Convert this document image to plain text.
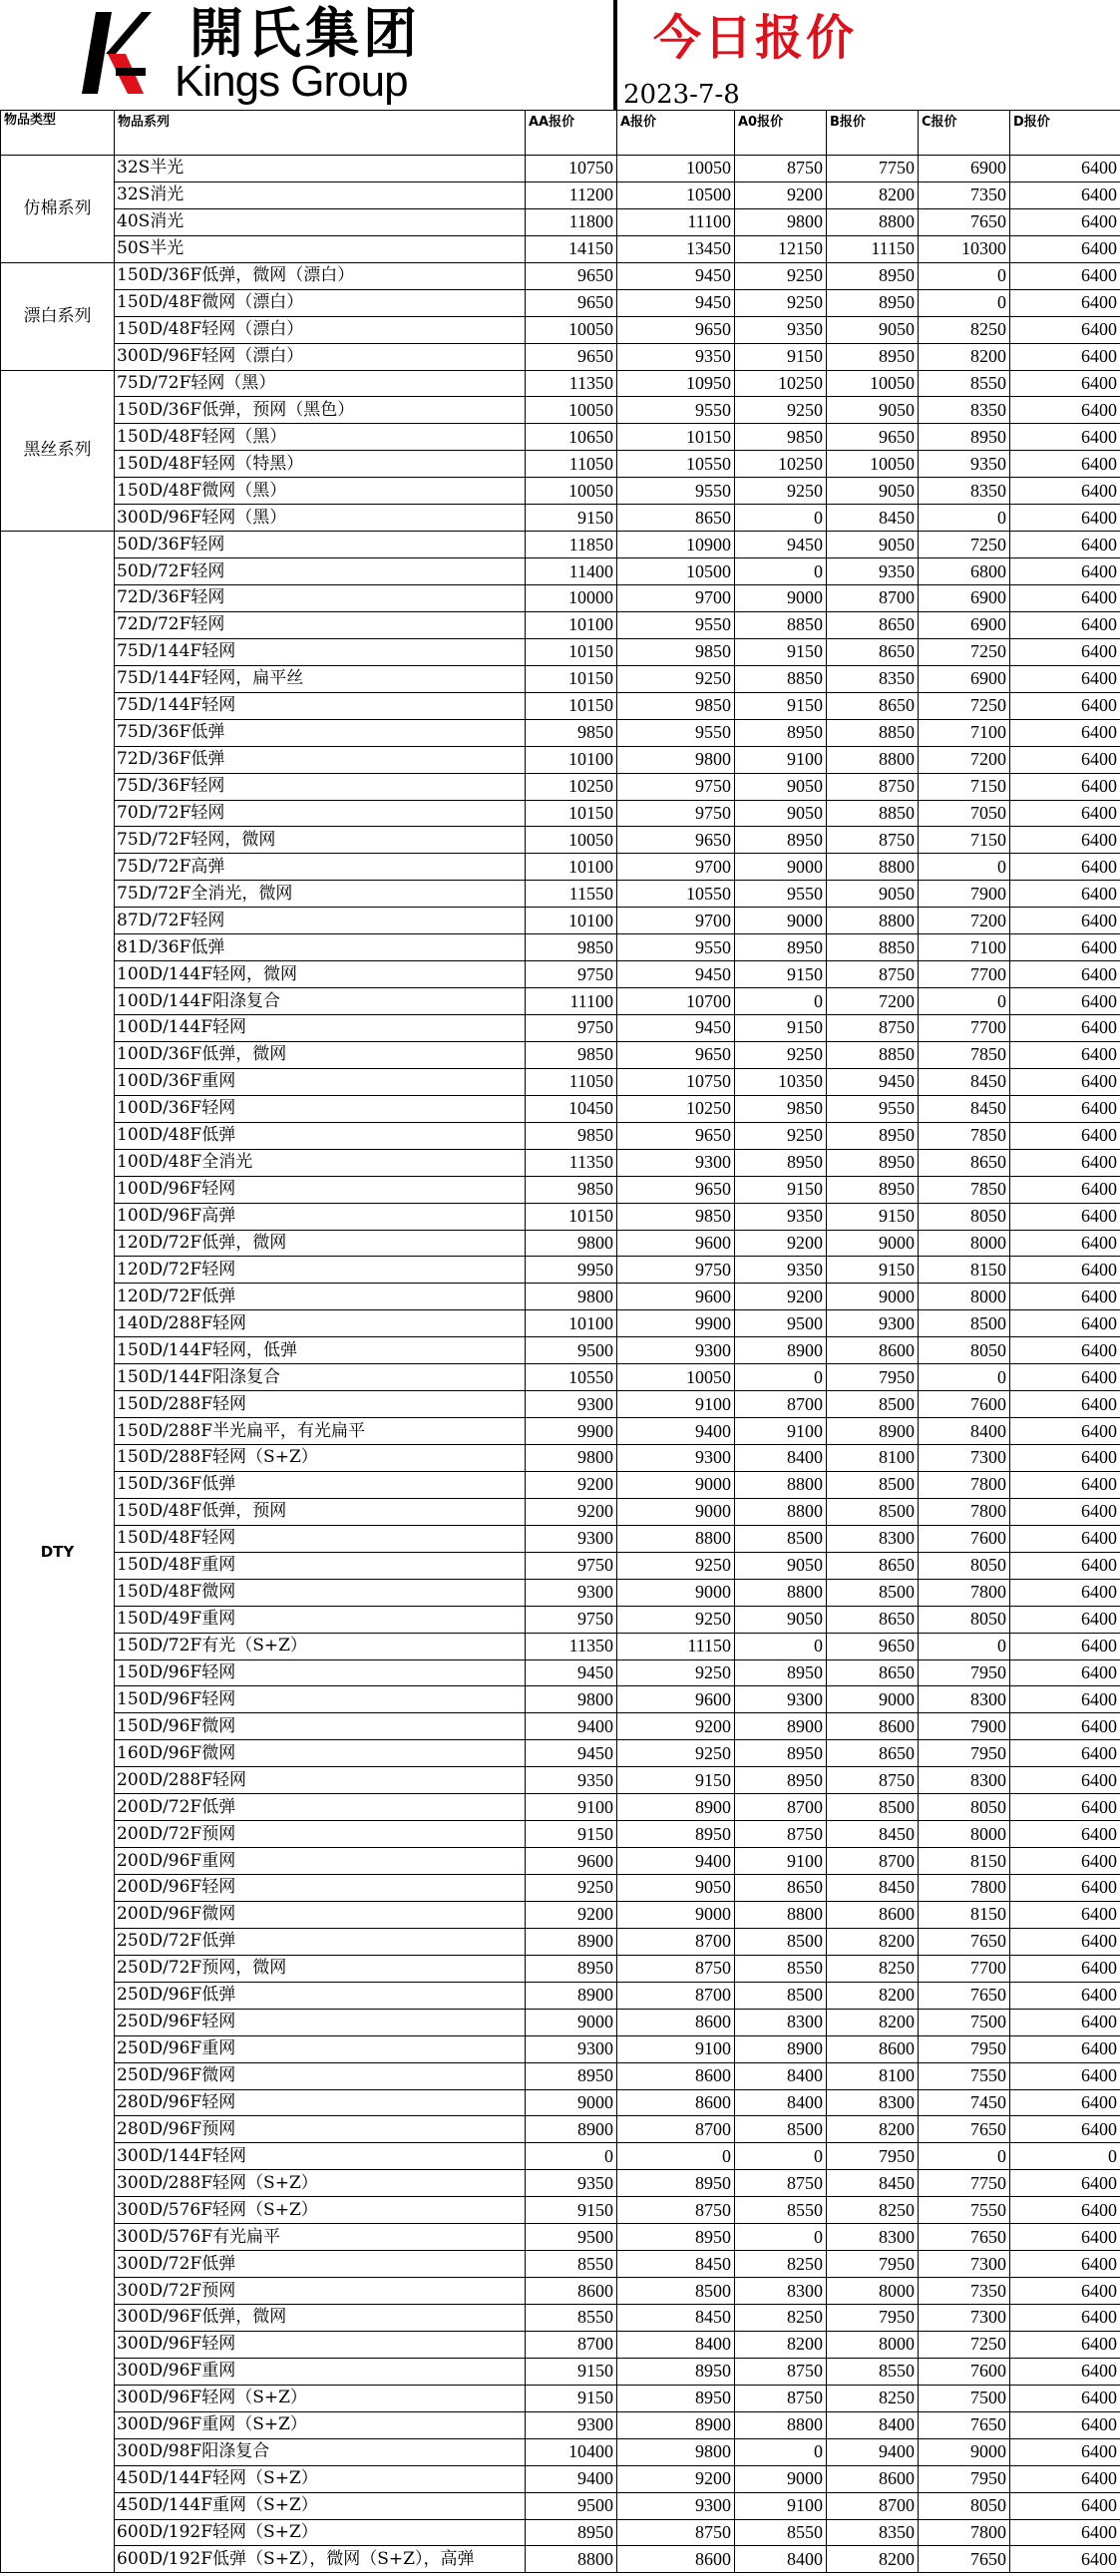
開氏集团
Kings Group
今日报价
2023-7-8
物品类型	物品系列	AA报价	A报价	A0报价	B报价	C报价	D报价
仿棉系列	32S半光	10750	10050	8750	7750	6900	6400
	32S消光	11200	10500	9200	8200	7350	6400
	40S消光	11800	11100	9800	8800	7650	6400
	50S半光	14150	13450	12150	11150	10300	6400
漂白系列	150D/36F低弹，微网（漂白）	9650	9450	9250	8950	0	6400
	150D/48F微网（漂白）	9650	9450	9250	8950	0	6400
	150D/48F轻网（漂白）	10050	9650	9350	9050	8250	6400
	300D/96F轻网（漂白）	9650	9350	9150	8950	8200	6400
黑丝系列	75D/72F轻网（黑）	11350	10950	10250	10050	8550	6400
	150D/36F低弹，预网（黑色）	10050	9550	9250	9050	8350	6400
	150D/48F轻网（黑）	10650	10150	9850	9650	8950	6400
	150D/48F轻网（特黑）	11050	10550	10250	10050	9350	6400
	150D/48F微网（黑）	10050	9550	9250	9050	8350	6400
	300D/96F轻网（黑）	9150	8650	0	8450	0	6400
DTY	50D/36F轻网	11850	10900	9450	9050	7250	6400
	50D/72F轻网	11400	10500	0	9350	6800	6400
	72D/36F轻网	10000	9700	9000	8700	6900	6400
	72D/72F轻网	10100	9550	8850	8650	6900	6400
	75D/144F轻网	10150	9850	9150	8650	7250	6400
	75D/144F轻网，扁平丝	10150	9250	8850	8350	6900	6400
	75D/144F轻网	10150	9850	9150	8650	7250	6400
	75D/36F低弹	9850	9550	8950	8850	7100	6400
	72D/36F低弹	10100	9800	9100	8800	7200	6400
	75D/36F轻网	10250	9750	9050	8750	7150	6400
	70D/72F轻网	10150	9750	9050	8850	7050	6400
	75D/72F轻网，微网	10050	9650	8950	8750	7150	6400
	75D/72F高弹	10100	9700	9000	8800	0	6400
	75D/72F全消光，微网	11550	10550	9550	9050	7900	6400
	87D/72F轻网	10100	9700	9000	8800	7200	6400
	81D/36F低弹	9850	9550	8950	8850	7100	6400
	100D/144F轻网，微网	9750	9450	9150	8750	7700	6400
	100D/144F阳涤复合	11100	10700	0	7200	0	6400
	100D/144F轻网	9750	9450	9150	8750	7700	6400
	100D/36F低弹，微网	9850	9650	9250	8850	7850	6400
	100D/36F重网	11050	10750	10350	9450	8450	6400
	100D/36F轻网	10450	10250	9850	9550	8450	6400
	100D/48F低弹	9850	9650	9250	8950	7850	6400
	100D/48F全消光	11350	9300	8950	8950	8650	6400
	100D/96F轻网	9850	9650	9150	8950	7850	6400
	100D/96F高弹	10150	9850	9350	9150	8050	6400
	120D/72F低弹，微网	9800	9600	9200	9000	8000	6400
	120D/72F轻网	9950	9750	9350	9150	8150	6400
	120D/72F低弹	9800	9600	9200	9000	8000	6400
	140D/288F轻网	10100	9900	9500	9300	8500	6400
	150D/144F轻网，低弹	9500	9300	8900	8600	8050	6400
	150D/144F阳涤复合	10550	10050	0	7950	0	6400
	150D/288F轻网	9300	9100	8700	8500	7600	6400
	150D/288F半光扁平，有光扁平	9900	9400	9100	8900	8400	6400
	150D/288F轻网（S+Z）	9800	9300	8400	8100	7300	6400
	150D/36F低弹	9200	9000	8800	8500	7800	6400
	150D/48F低弹，预网	9200	9000	8800	8500	7800	6400
	150D/48F轻网	9300	8800	8500	8300	7600	6400
	150D/48F重网	9750	9250	9050	8650	8050	6400
	150D/48F微网	9300	9000	8800	8500	7800	6400
	150D/49F重网	9750	9250	9050	8650	8050	6400
	150D/72F有光（S+Z）	11350	11150	0	9650	0	6400
	150D/96F轻网	9450	9250	8950	8650	7950	6400
	150D/96F轻网	9800	9600	9300	9000	8300	6400
	150D/96F微网	9400	9200	8900	8600	7900	6400
	160D/96F微网	9450	9250	8950	8650	7950	6400
	200D/288F轻网	9350	9150	8950	8750	8300	6400
	200D/72F低弹	9100	8900	8700	8500	8050	6400
	200D/72F预网	9150	8950	8750	8450	8000	6400
	200D/96F重网	9600	9400	9100	8700	8150	6400
	200D/96F轻网	9250	9050	8650	8450	7800	6400
	200D/96F微网	9200	9000	8800	8600	8150	6400
	250D/72F低弹	8900	8700	8500	8200	7650	6400
	250D/72F预网，微网	8950	8750	8550	8250	7700	6400
	250D/96F低弹	8900	8700	8500	8200	7650	6400
	250D/96F轻网	9000	8600	8300	8200	7500	6400
	250D/96F重网	9300	9100	8900	8600	7950	6400
	250D/96F微网	8950	8600	8400	8100	7550	6400
	280D/96F轻网	9000	8600	8400	8300	7450	6400
	280D/96F预网	8900	8700	8500	8200	7650	6400
	300D/144F轻网	0	0	0	7950	0	0
	300D/288F轻网（S+Z）	9350	8950	8750	8450	7750	6400
	300D/576F轻网（S+Z）	9150	8750	8550	8250	7550	6400
	300D/576F有光扁平	9500	8950	0	8300	7650	6400
	300D/72F低弹	8550	8450	8250	7950	7300	6400
	300D/72F预网	8600	8500	8300	8000	7350	6400
	300D/96F低弹，微网	8550	8450	8250	7950	7300	6400
	300D/96F轻网	8700	8400	8200	8000	7250	6400
	300D/96F重网	9150	8950	8750	8550	7600	6400
	300D/96F轻网（S+Z）	9150	8950	8750	8250	7500	6400
	300D/96F重网（S+Z）	9300	8900	8800	8400	7650	6400
	300D/98F阳涤复合	10400	9800	0	9400	9000	6400
	450D/144F轻网（S+Z）	9400	9200	9000	8600	7950	6400
	450D/144F重网（S+Z）	9500	9300	9100	8700	8050	6400
	600D/192F轻网（S+Z）	8950	8750	8550	8350	7800	6400
	600D/192F低弹（S+Z），微网（S+Z），高弹	8800	8600	8400	8200	7650	6400
